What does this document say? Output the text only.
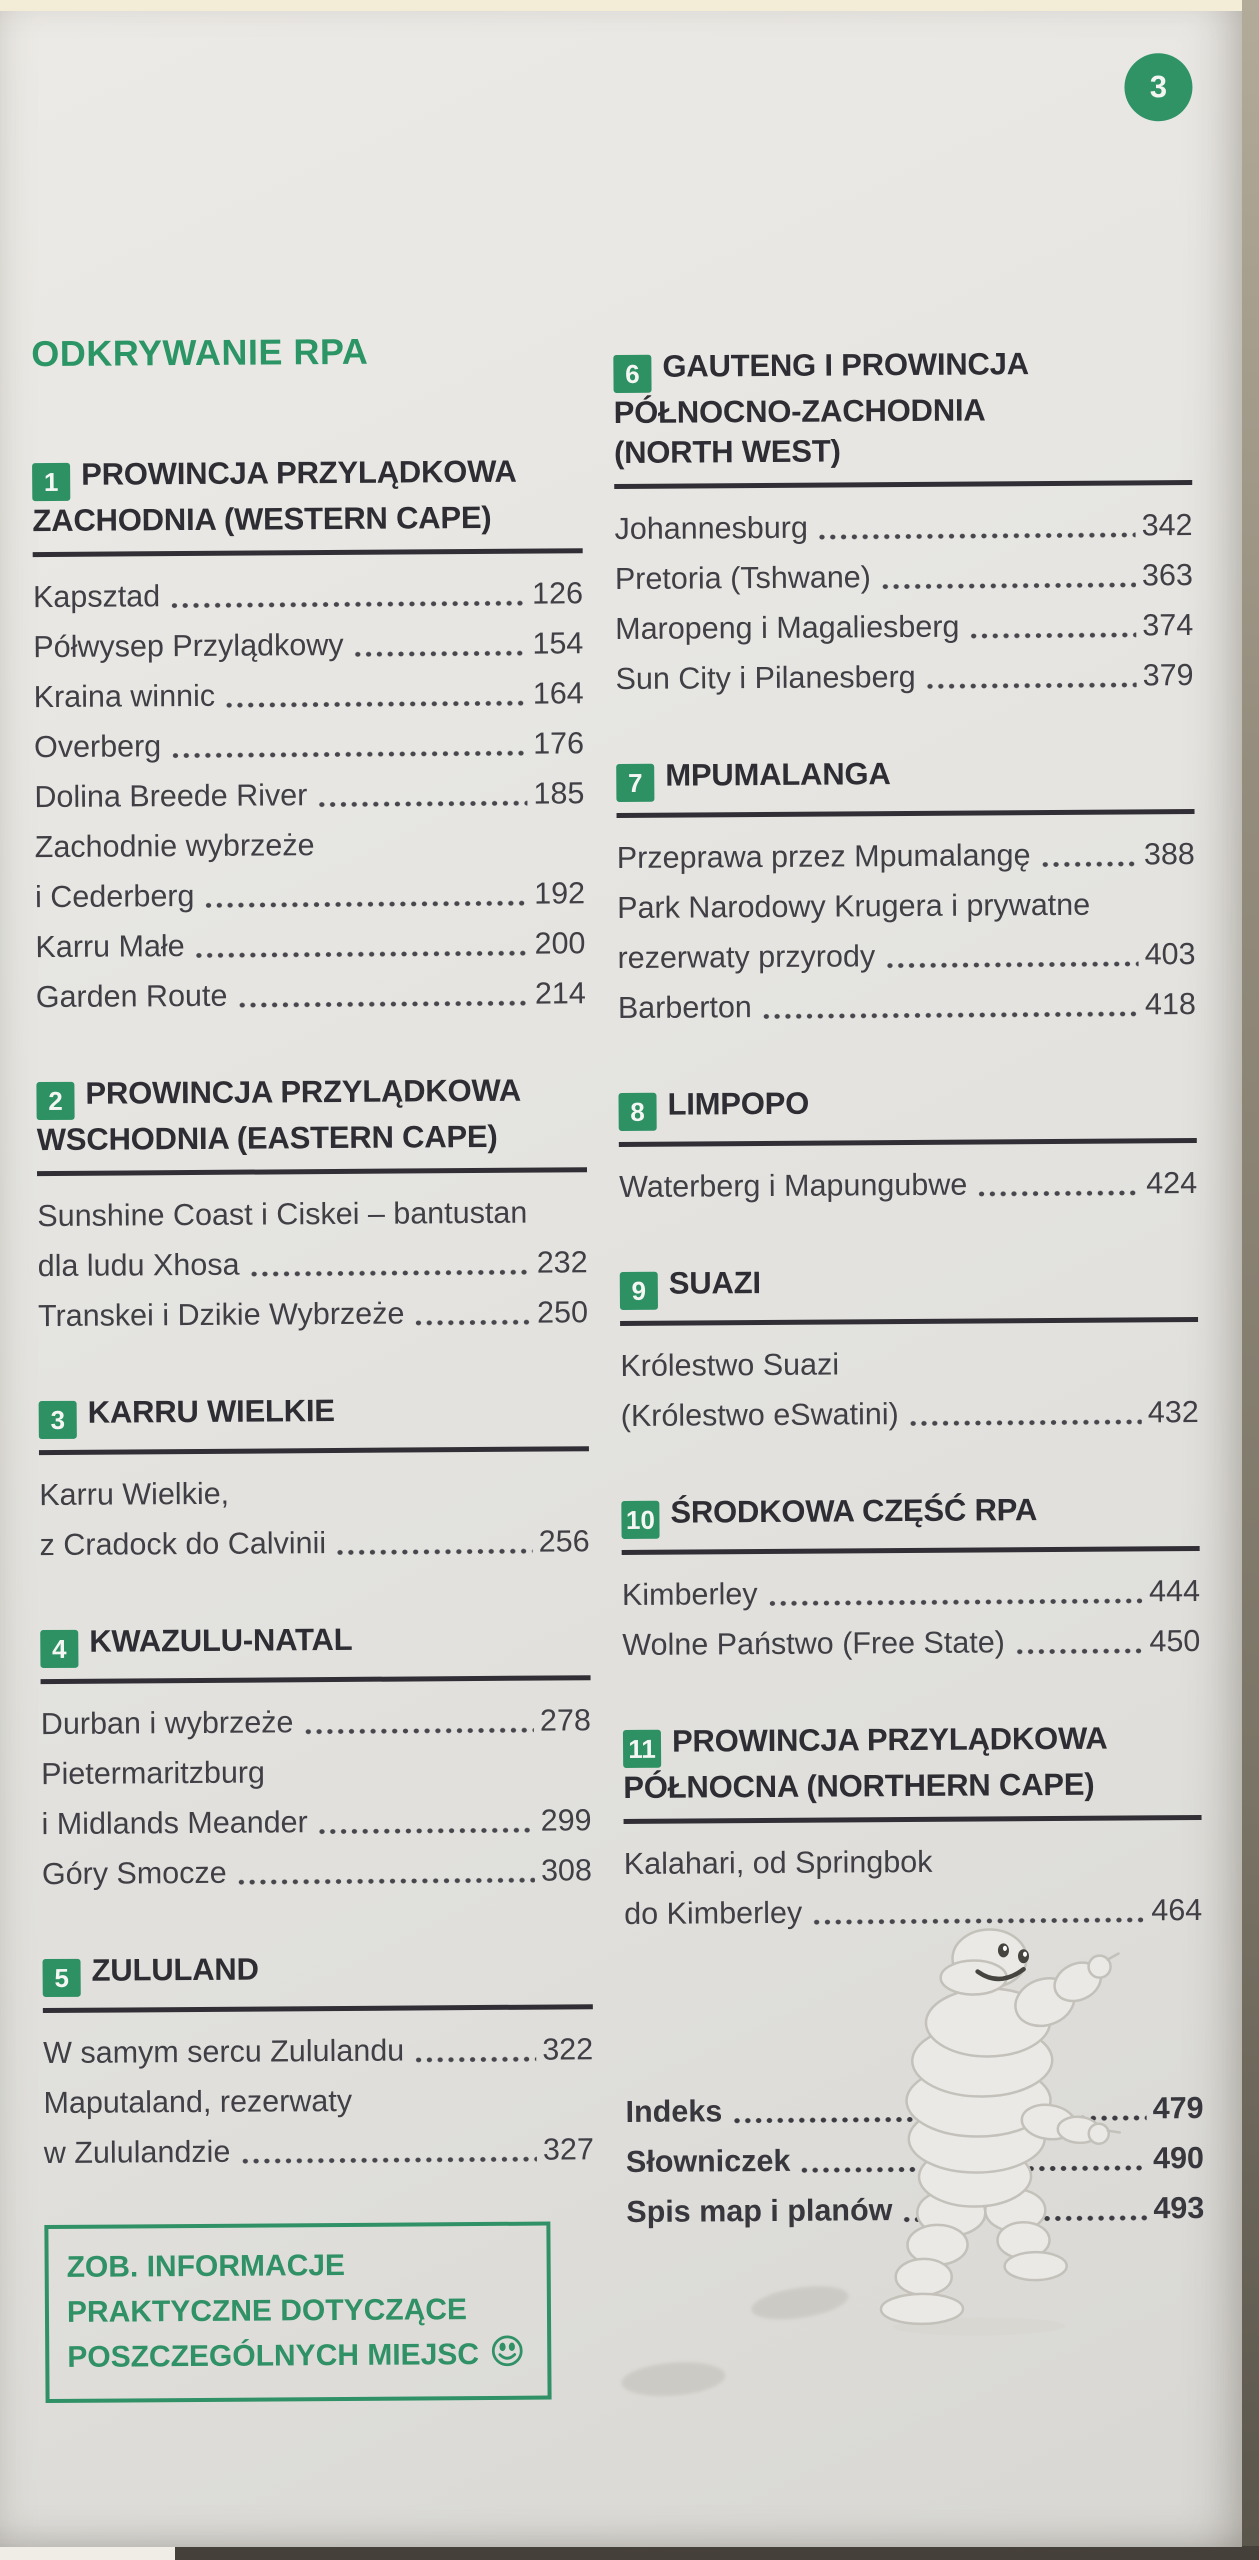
3
ODKRYWANIE RPA
1 PROWINCJA PRZYLĄDKOWA
ZACHODNIA (WESTERN CAPE)
Kapsztad	126
Półwysep Przylądkowy	154
Kraina winnic	164
Overberg	176
Dolina Breede River	185
Zachodnie wybrzeże
i Cederberg	192
Karru Małe	200
Garden Route	214
2 PROWINCJA PRZYLĄDKOWA
WSCHODNIA (EASTERN CAPE)
Sunshine Coast i Ciskei – bantustan
dla ludu Xhosa	232
Transkei i Dzikie Wybrzeże	250
3 KARRU WIELKIE
Karru Wielkie,
z Cradock do Calvinii	256
4 KWAZULU-NATAL
Durban i wybrzeże	278
Pietermaritzburg
i Midlands Meander	299
Góry Smocze	308
5 ZULULAND
W samym sercu Zululandu	322
Maputaland, rezerwaty
w Zululandzie	327
6 GAUTENG I PROWINCJA
PÓŁNOCNO-ZACHODNIA
(NORTH WEST)
Johannesburg	342
Pretoria (Tshwane)	363
Maropeng i Magaliesberg	374
Sun City i Pilanesberg	379
7 MPUMALANGA
Przeprawa przez Mpumalangę	388
Park Narodowy Krugera i prywatne
rezerwaty przyrody	403
Barberton	418
8 LIMPOPO
Waterberg i Mapungubwe	424
9 SUAZI
Królestwo Suazi
(Królestwo eSwatini)	432
10 ŚRODKOWA CZĘŚĆ RPA
Kimberley	444
Wolne Państwo (Free State)	450
11 PROWINCJA PRZYLĄDKOWA
PÓŁNOCNA (NORTHERN CAPE)
Kalahari, od Springbok
do Kimberley	464
Indeks	479
Słowniczek	490
Spis map i planów	493
ZOB. INFORMACJE
PRAKTYCZNE DOTYCZĄCE
POSZCZEGÓLNYCH MIEJSC
